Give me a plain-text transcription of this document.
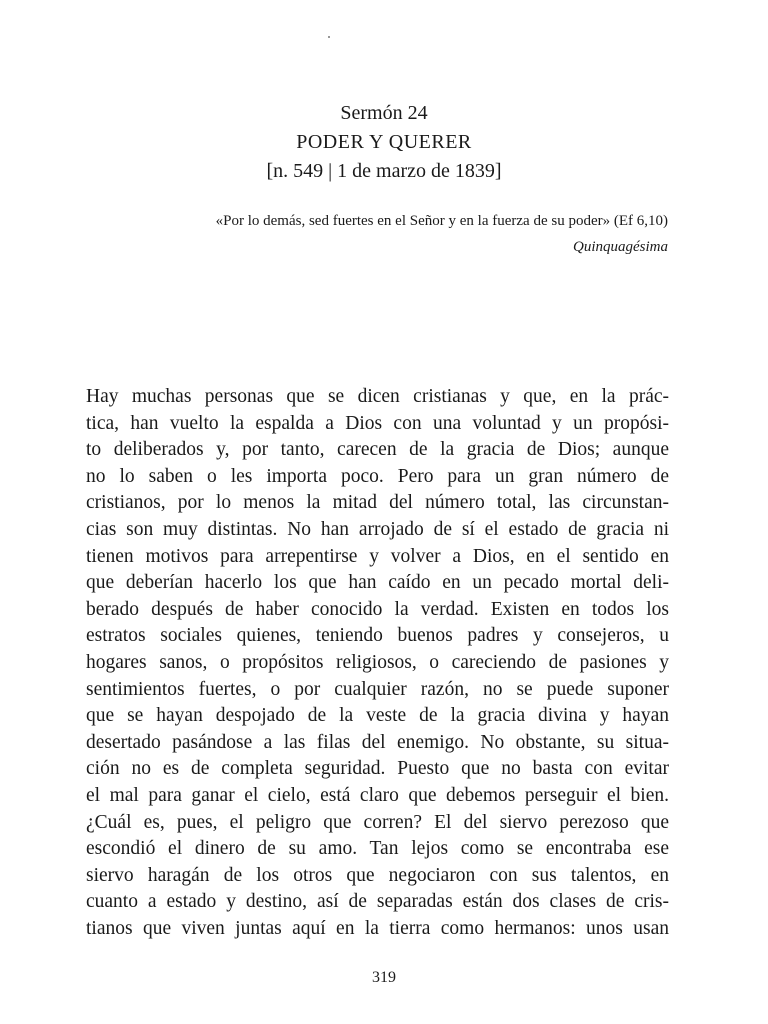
Sermón 24
PODER Y QUERER
[n. 549 | 1 de marzo de 1839]
«Por lo demás, sed fuertes en el Señor y en la fuerza de su poder» (Ef 6,10)
Quinquagésima
Hay muchas personas que se dicen cristianas y que, en la prác-
tica, han vuelto la espalda a Dios con una voluntad y un propósi-
to deliberados y, por tanto, carecen de la gracia de Dios; aunque
no lo saben o les importa poco. Pero para un gran número de
cristianos, por lo menos la mitad del número total, las circunstan-
cias son muy distintas. No han arrojado de sí el estado de gracia ni
tienen motivos para arrepentirse y volver a Dios, en el sentido en
que deberían hacerlo los que han caído en un pecado mortal deli-
berado después de haber conocido la verdad. Existen en todos los
estratos sociales quienes, teniendo buenos padres y consejeros, u
hogares sanos, o propósitos religiosos, o careciendo de pasiones y
sentimientos fuertes, o por cualquier razón, no se puede suponer
que se hayan despojado de la veste de la gracia divina y hayan
desertado pasándose a las filas del enemigo. No obstante, su situa-
ción no es de completa seguridad. Puesto que no basta con evitar
el mal para ganar el cielo, está claro que debemos perseguir el bien.
¿Cuál es, pues, el peligro que corren? El del siervo perezoso que
escondió el dinero de su amo. Tan lejos como se encontraba ese
siervo haragán de los otros que negociaron con sus talentos, en
cuanto a estado y destino, así de separadas están dos clases de cris-
tianos que viven juntas aquí en la tierra como hermanos: unos usan
319
